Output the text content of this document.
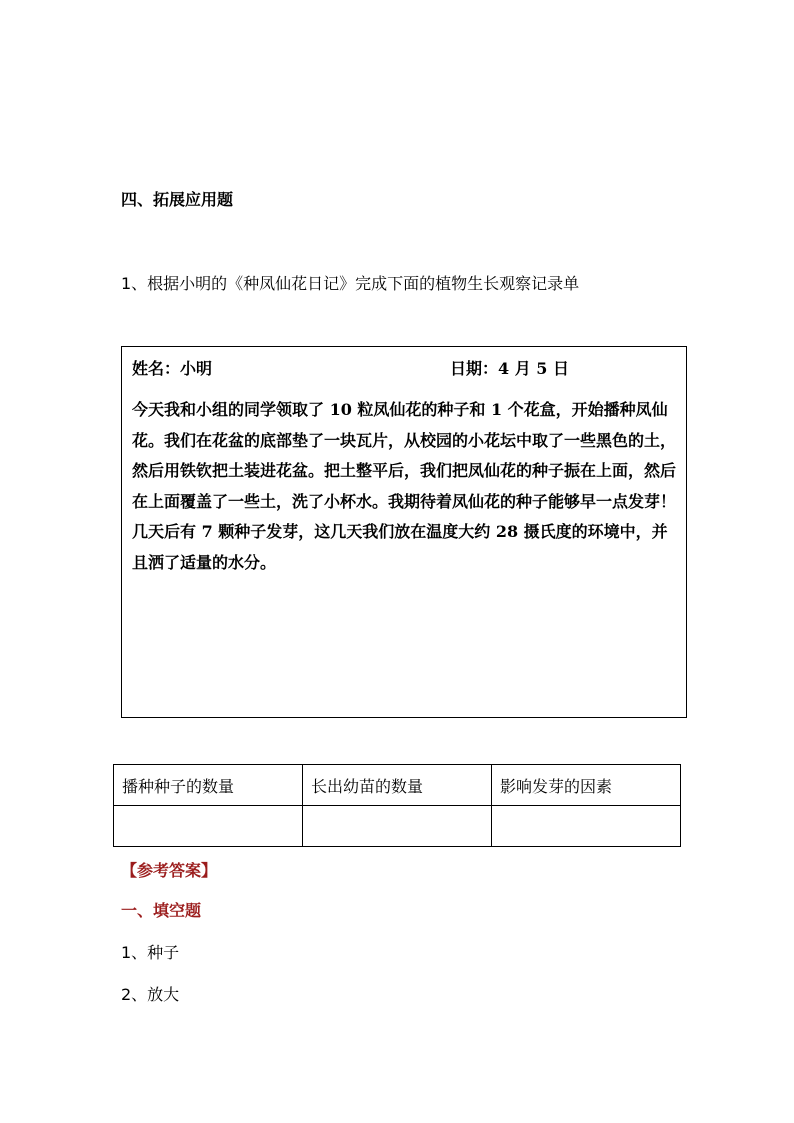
四、拓展应用题
1、根据小明的《种凤仙花日记》完成下面的植物生长观察记录单
姓名：小明	日期：4 月 5 日

今天我和小组的同学领取了 10 粒凤仙花的种子和 1 个花盒，开始播种凤仙花。我们在花盆的底部垫了一块瓦片，从校园的小花坛中取了一些黑色的土，然后用铁钦把土装进花盆。把土整平后，我们把凤仙花的种子振在上面，然后在上面覆盖了一些土，洗了小杯水。我期待着凤仙花的种子能够早一点发芽！

几天后有 7 颗种子发芽，这几天我们放在温度大约 28 摄氏度的环境中，并且洒了适量的水分。

播种种子的数量	长出幼苗的数量	影响发芽的因素

【参考答案】
一、填空题
1、种子
2、放大
